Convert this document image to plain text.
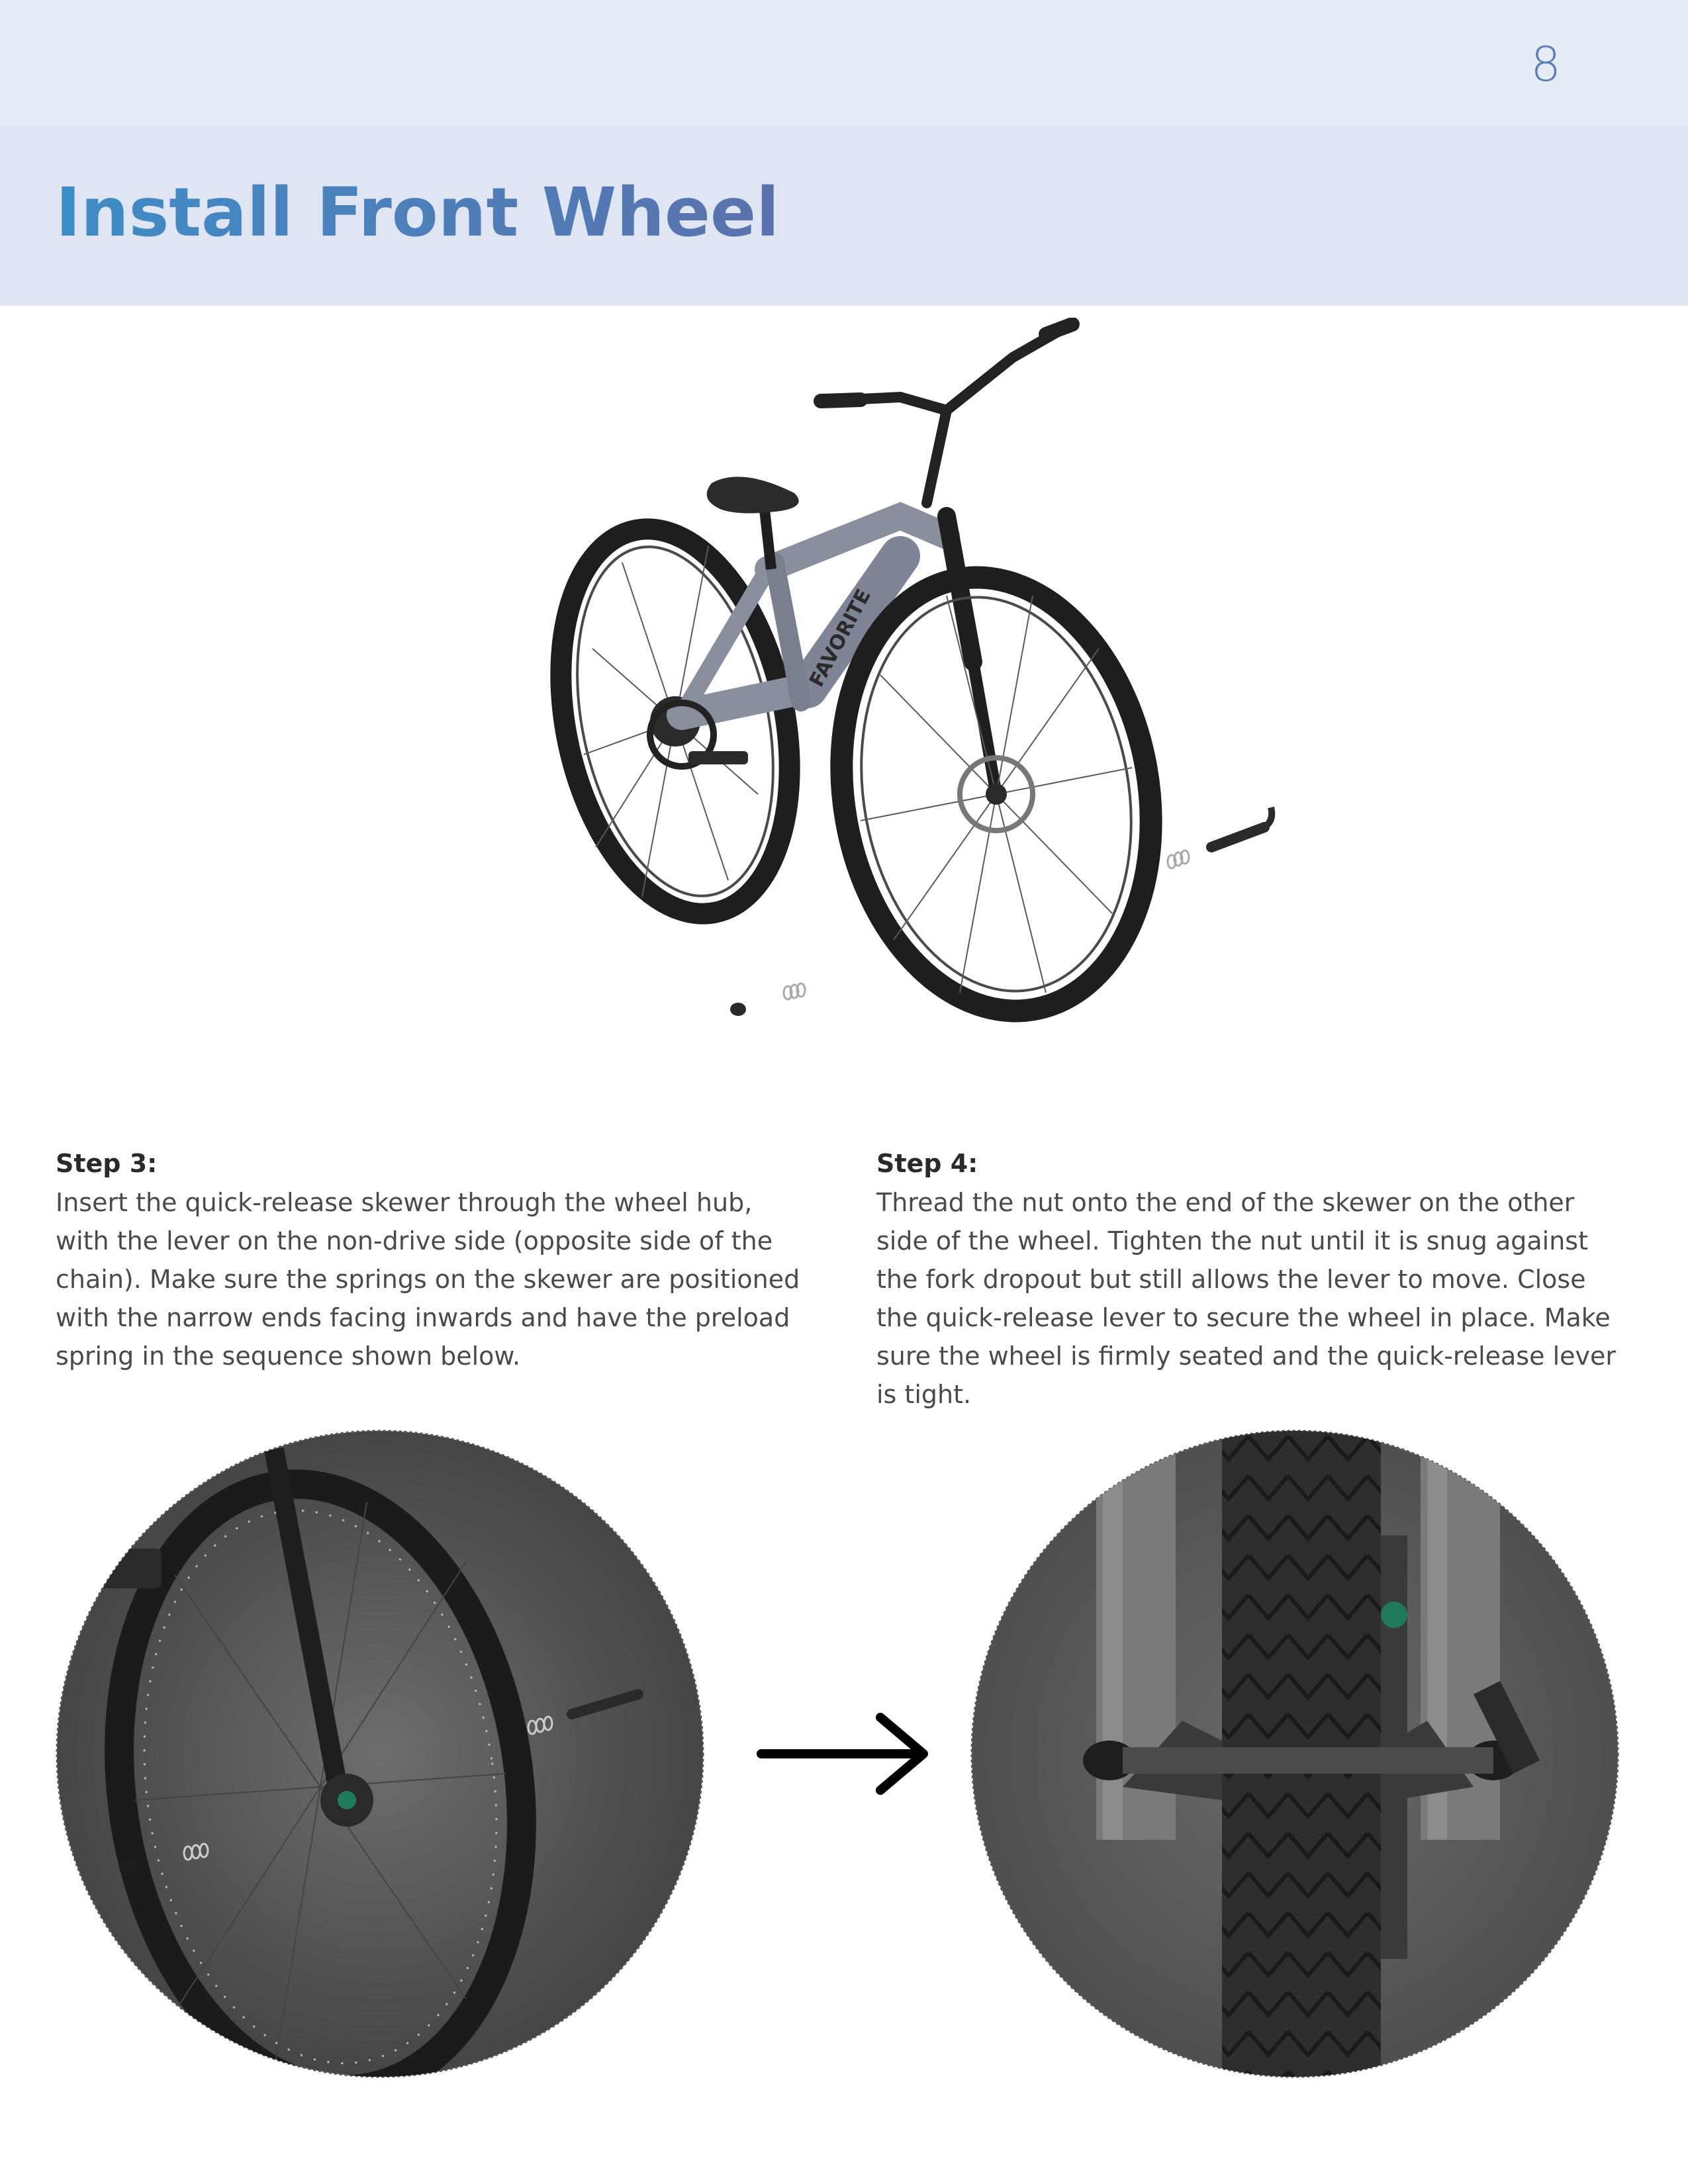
8
Install Front Wheel
FAVORITE
Step 3:

Insert the quick-release skewer through the wheel hub, with the lever on the non-drive side (opposite side of the chain). Make sure the springs on the skewer are positioned with the narrow ends facing inwards and have the preload spring in the sequence shown below.

Step 4:

Thread the nut onto the end of the skewer on the other side of the wheel. Tighten the nut until it is snug against the fork dropout but still allows the lever to move. Close the quick-release lever to secure the wheel in place. Make sure the wheel is firmly seated and the quick-release lever is tight.
